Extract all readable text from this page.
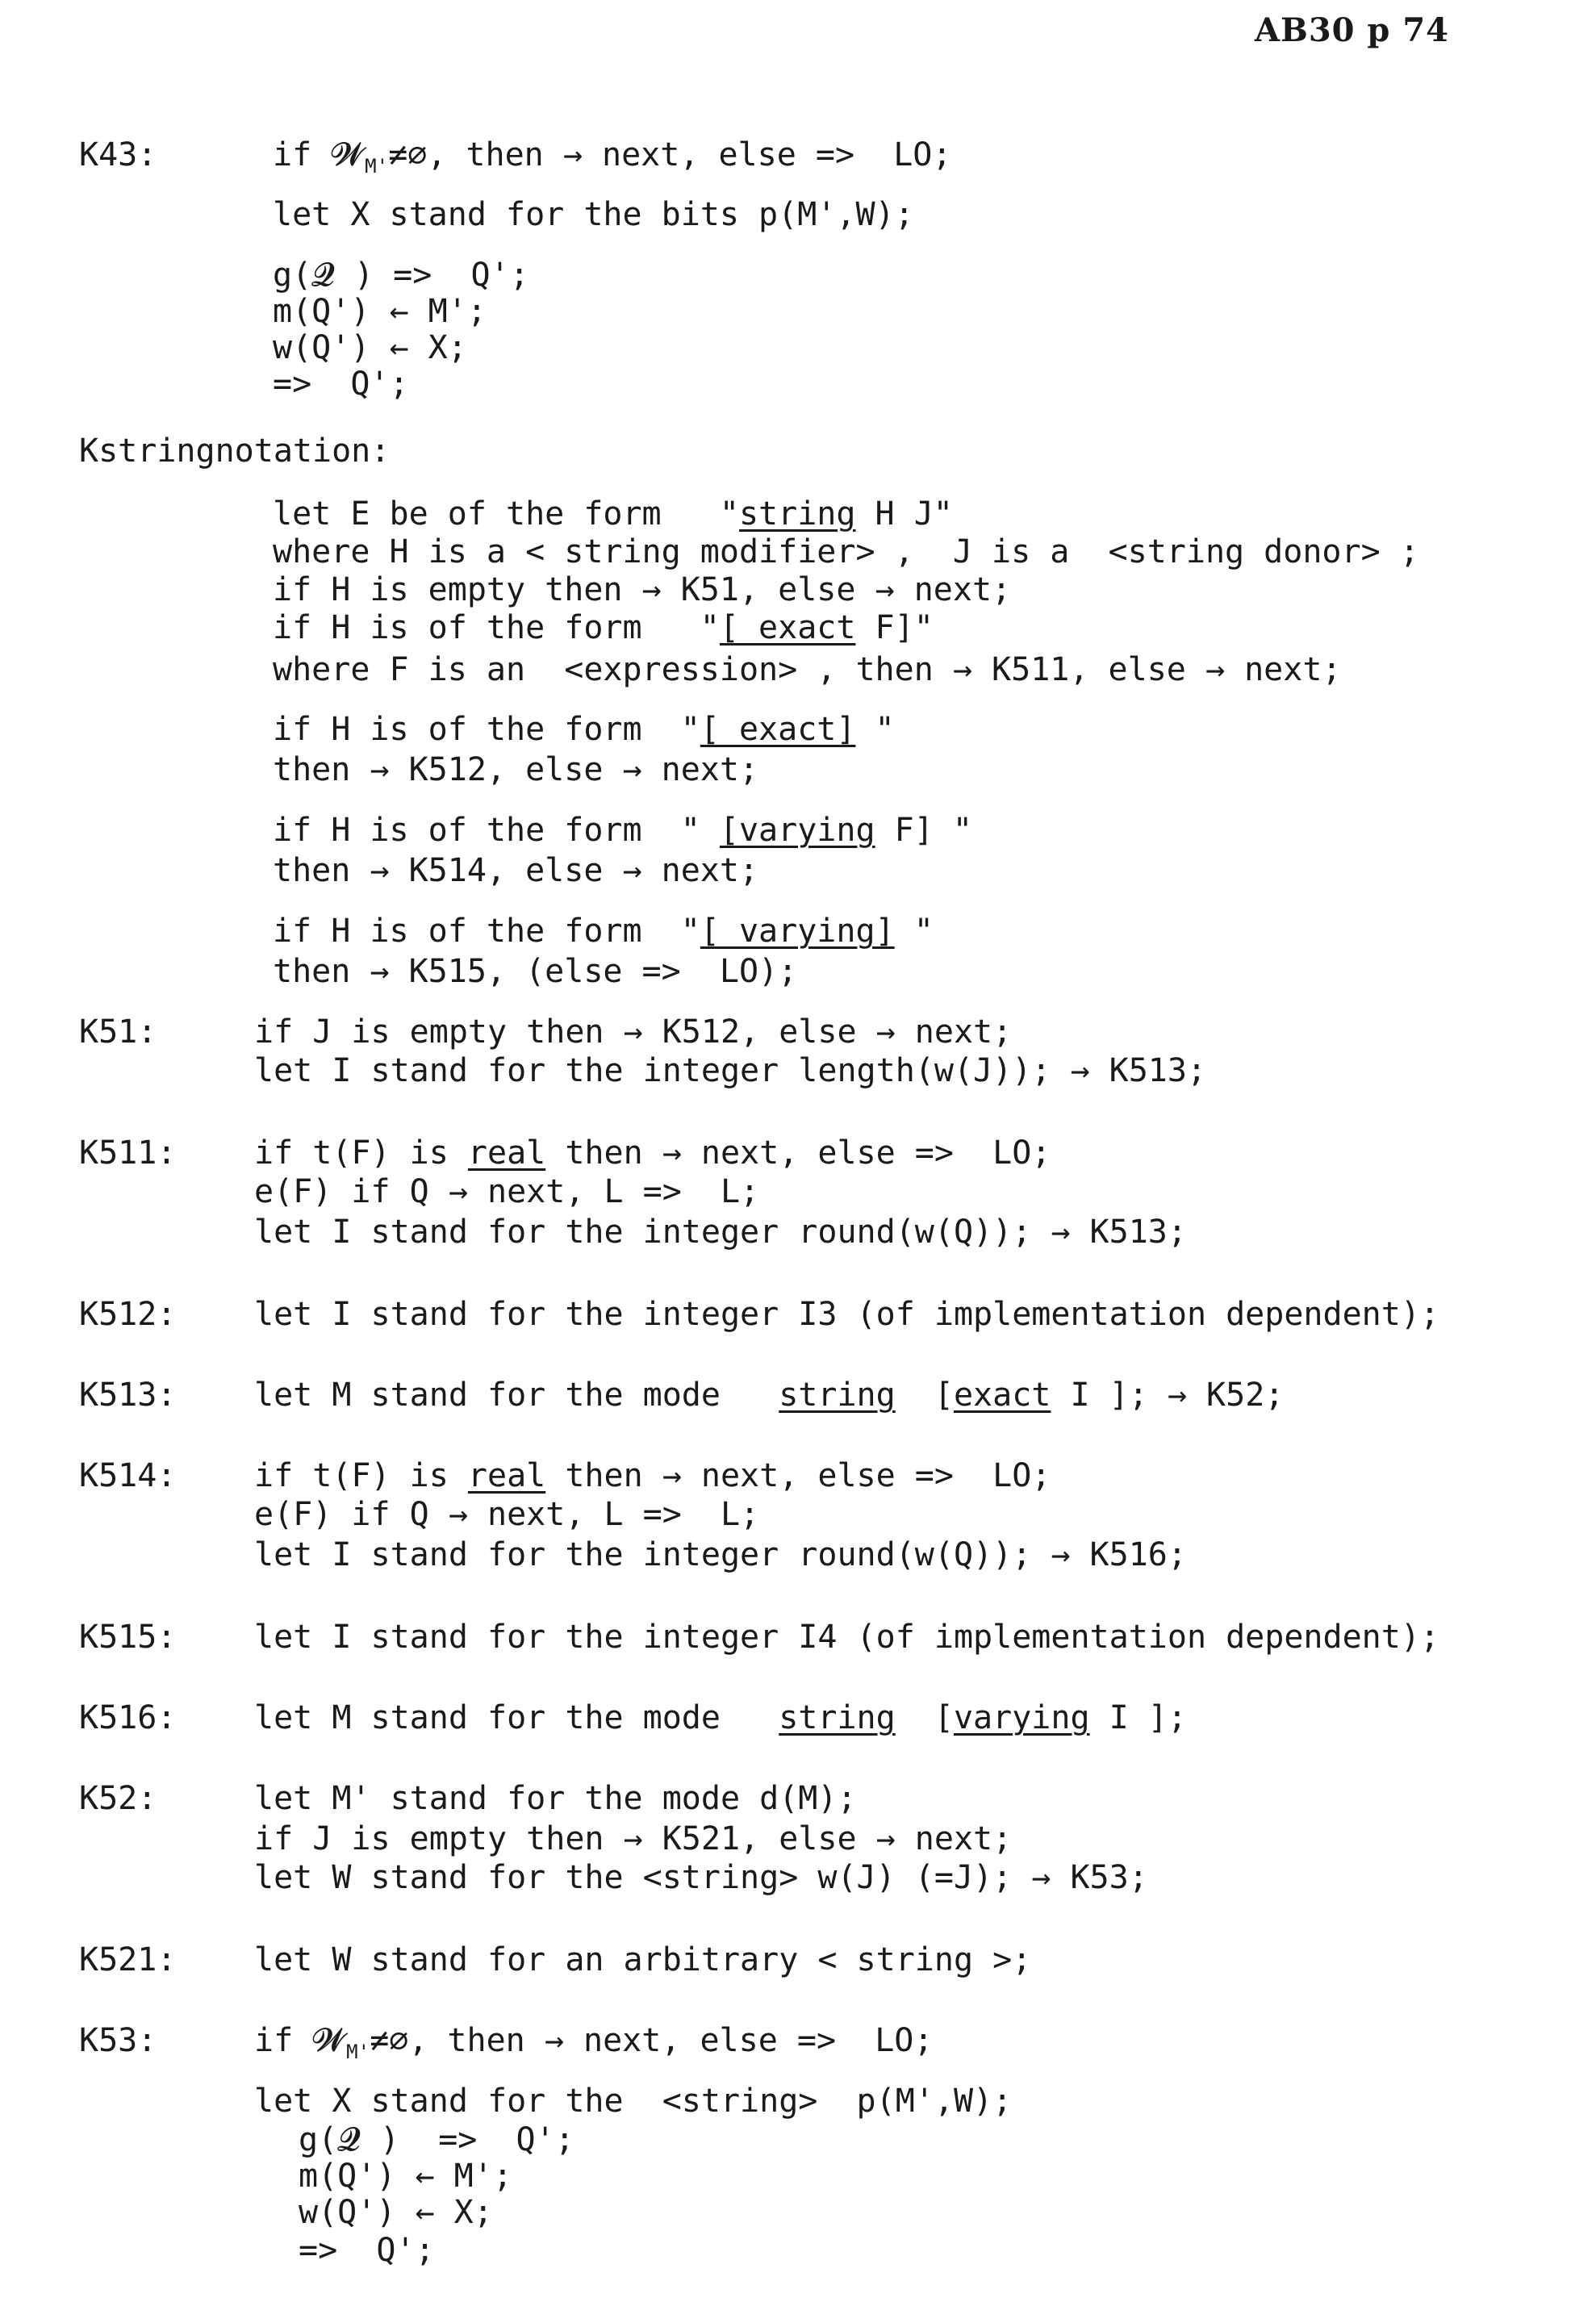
AB30 p 74
K43:	if 𝓦$_{M'}$≠∅, then → next, else =>  LO;
let X stand for the bits p(M',W);
g(𝓠 ) =>  Q';
m(Q') ← M';
w(Q') ← X;
=>  Q';
Kstringnotation:
let E be of the form   "string H J"
where H is a < string modifier> ,  J is a  <string donor> ;
if H is empty then → K51, else → next;
if H is of the form   "[ exact F]"
where F is an  <expression> , then → K511, else → next;
if H is of the form  "[ exact] "
then → K512, else → next;
if H is of the form  " [varying F] "
then → K514, else → next;
if H is of the form  "[ varying] "
then → K515, (else =>  LO);
K51:	if J is empty then → K512, else → next;
let I stand for the integer length(w(J)); → K513;
K511: if t(F) is real then → next, else =>  LO;
e(F) if Q → next, L =>  L;
let I stand for the integer round(w(Q)); → K513;
K512: let I stand for the integer I3 (of implementation dependent);
K513: let M stand for the mode   string  [exact I ]; → K52;
K514: if t(F) is real then → next, else =>  LO;
e(F) if Q → next, L =>  L;
let I stand for the integer round(w(Q)); → K516;
K515: let I stand for the integer I4 (of implementation dependent);
K516: let M stand for the mode   string  [varying I ];
K52:	let M' stand for the mode d(M);
if J is empty then → K521, else → next;
let W stand for the <string> w(J) (=J); → K53;
K521: let W stand for an arbitrary < string >;
K53:	if 𝓦$_{M'}$≠∅, then → next, else =>  LO;
let X stand for the  <string>  p(M',W);
g(𝓠 )  =>  Q';
m(Q') ← M';
w(Q') ← X;
=>  Q';
